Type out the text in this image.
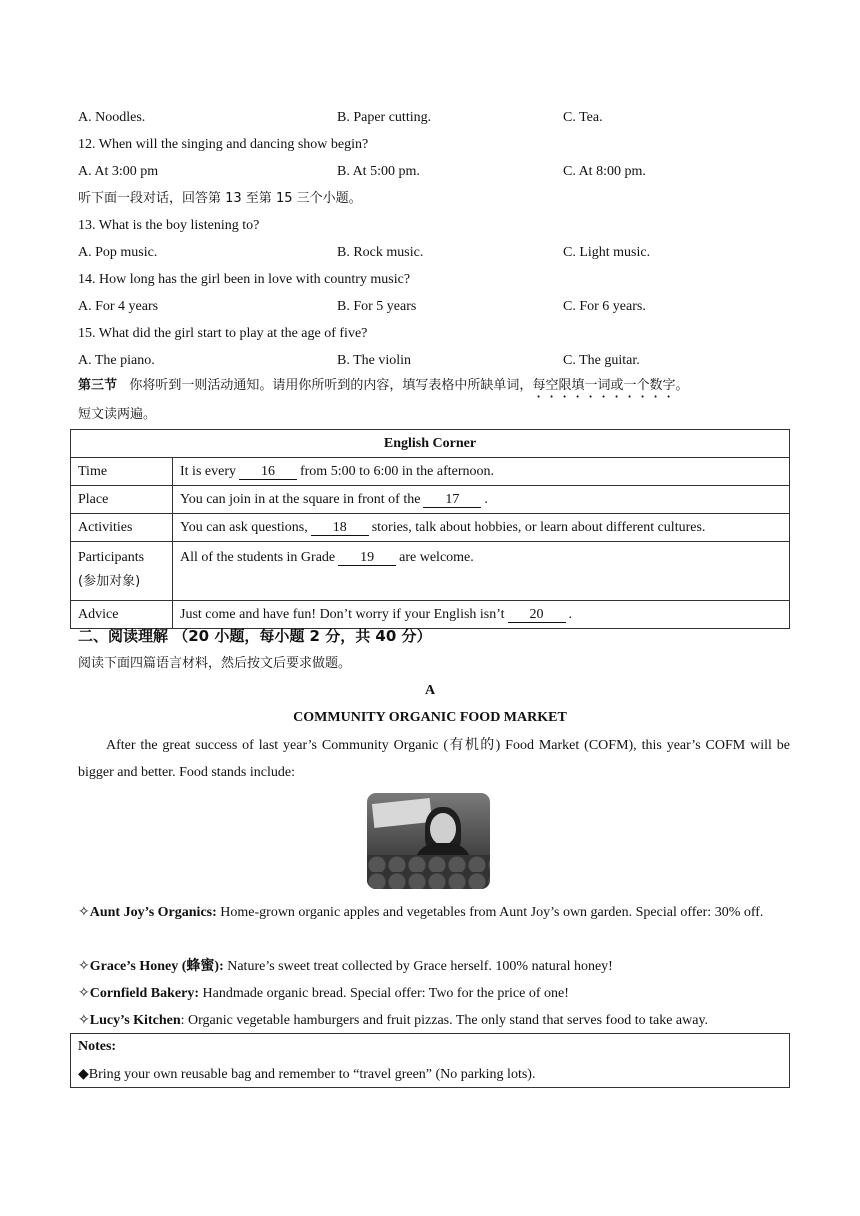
A. Noodles.	B. Paper cutting.	C. Tea.
12. When will the singing and dancing show begin?
A. At 3:00 pm	B. At 5:00 pm.	C. At 8:00 pm.
听下面一段对话，回答第 13 至第 15 三个小题。
13. What is the boy listening to?
A. Pop music.	B. Rock music.	C. Light music.
14. How long has the girl been in love with country music?
A. For 4 years	B. For 5 years	C. For 6 years.
15. What did the girl start to play at the age of five?
A. The piano.	B. The violin	C. The guitar.
第三节 你将听到一则活动通知。请用你所听到的内容，填写表格中所缺单词，每空限填一词或一个数字。
短文读两遍。
English Corner	
Time	It is every 16 from 5:00 to 6:00 in the afternoon.
Place	You can join in at the square in front of the 17 .
Activities	You can ask questions, 18 stories, talk about hobbies, or learn about different cultures.
Participants
(参加对象)	All of the students in Grade 19 are welcome.
Advice	Just come and have fun! Don’t worry if your English isn’t 20 .
二、阅读理解 （20 小题，每小题 2 分，共 40 分）
阅读下面四篇语言材料，然后按文后要求做题。
A
COMMUNITY ORGANIC FOOD MARKET
After the great success of last year’s Community Organic (有机的) Food Market (COFM), this year’s COFM will be bigger and better. Food stands include:
✧Aunt Joy’s Organics: Home-grown organic apples and vegetables from Aunt Joy’s own garden. Special offer: 30% off.
✧Grace’s Honey (蜂蜜): Nature’s sweet treat collected by Grace herself. 100% natural honey!
✧Cornfield Bakery: Handmade organic bread. Special offer: Two for the price of one!
✧Lucy’s Kitchen: Organic vegetable hamburgers and fruit pizzas. The only stand that serves food to take away.
Notes:
◆Bring your own reusable bag and remember to “travel green” (No parking lots).
